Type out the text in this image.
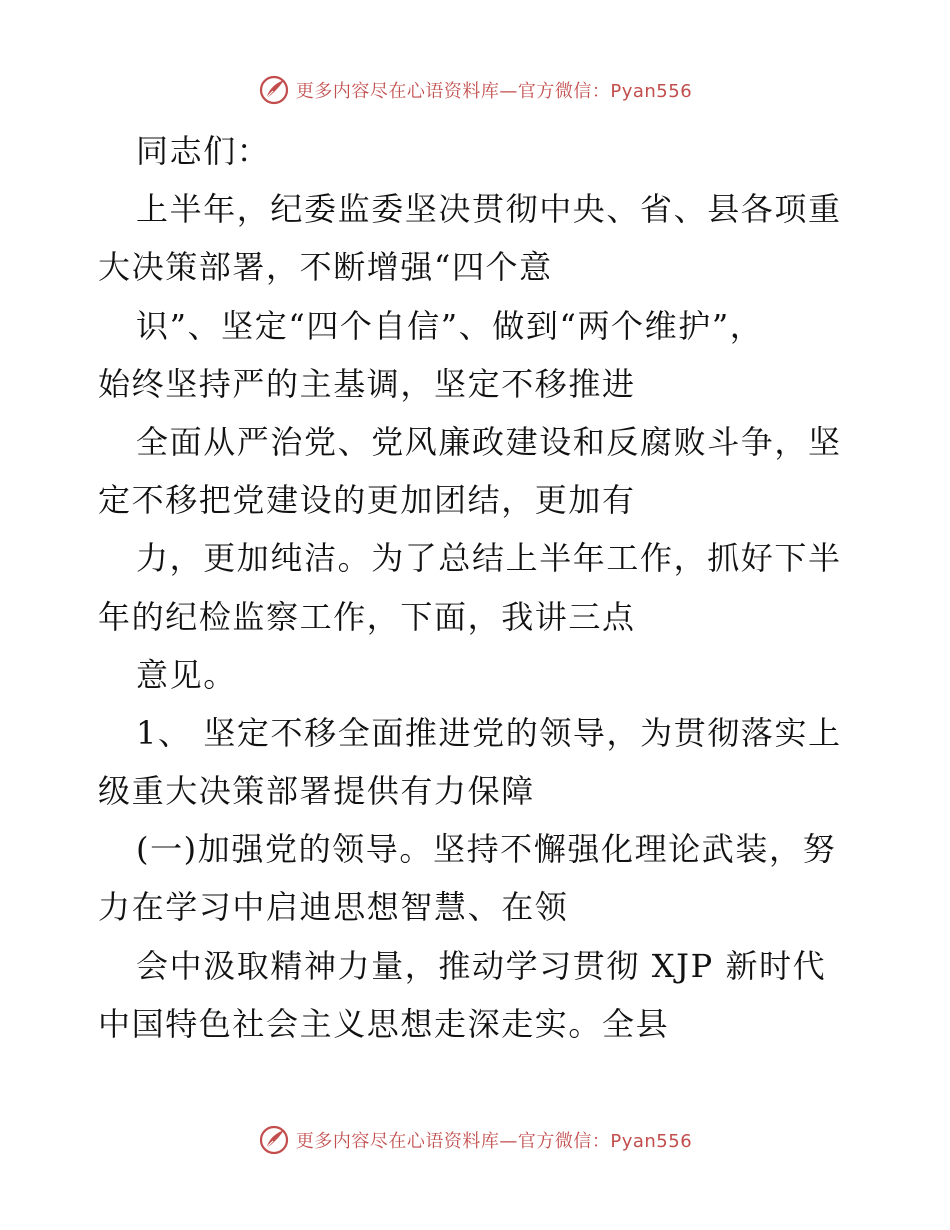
更多内容尽在心语资料库—官方微信：Pyan556
同志们：
上半年，纪委监委坚决贯彻中央、省、县各项重
大决策部署，不断增强“四个意
识”、坚定“四个自信”、做到“两个维护”，
始终坚持严的主基调，坚定不移推进
全面从严治党、党风廉政建设和反腐败斗争，坚
定不移把党建设的更加团结，更加有
力，更加纯洁。为了总结上半年工作，抓好下半
年的纪检监察工作，下面，我讲三点
意见。
1、 坚定不移全面推进党的领导，为贯彻落实上
级重大决策部署提供有力保障
(一)加强党的领导。坚持不懈强化理论武装，努
力在学习中启迪思想智慧、在领
会中汲取精神力量，推动学习贯彻 XJP 新时代
中国特色社会主义思想走深走实。全县
更多内容尽在心语资料库—官方微信：Pyan556
